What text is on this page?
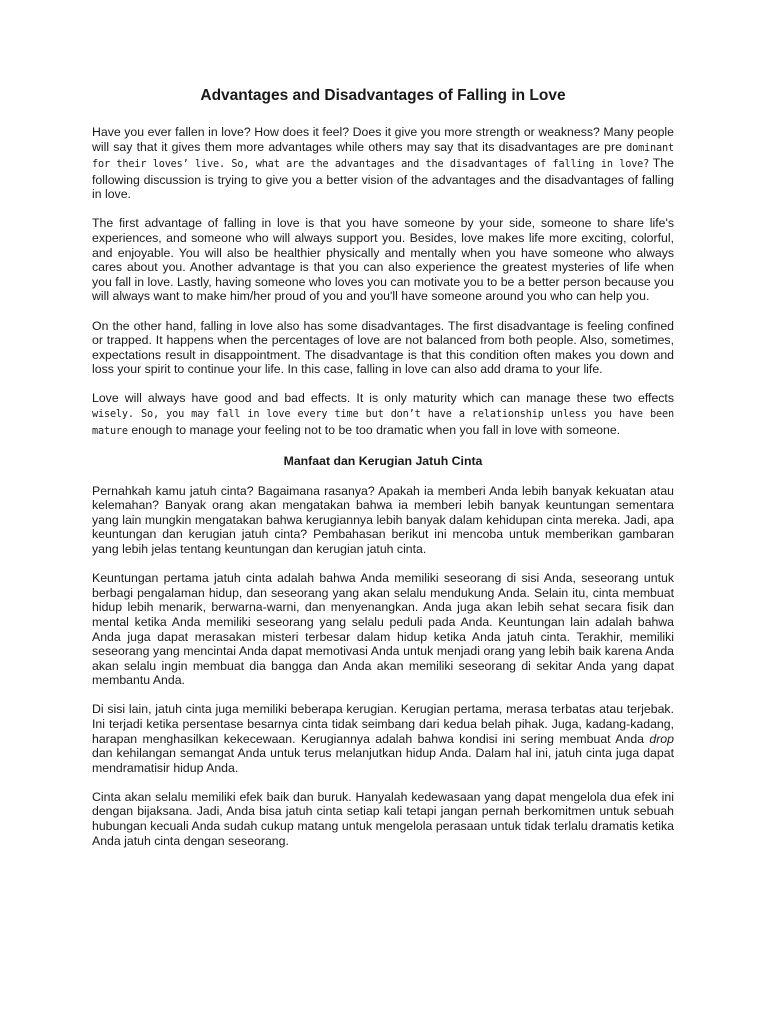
Advantages and Disadvantages of Falling in Love

Have you ever fallen in love? How does it feel? Does it give you more strength or weakness? Many people will say that it gives them more advantages while others may say that its disadvantages are pre dominant for their loves’ live. So, what are the advantages and the disadvantages of falling in love? The following discussion is trying to give you a better vision of the advantages and the disadvantages of falling in love.

The first advantage of falling in love is that you have someone by your side, someone to share life's experiences, and someone who will always support you. Besides, love makes life more exciting, colorful, and enjoyable. You will also be healthier physically and mentally when you have someone who always cares about you. Another advantage is that you can also experience the greatest mysteries of life when you fall in love. Lastly, having someone who loves you can motivate you to be a better person because you will always want to make him/her proud of you and you'll have someone around you who can help you.

On the other hand, falling in love also has some disadvantages. The first disadvantage is feeling confined or trapped. It happens when the percentages of love are not balanced from both people. Also, sometimes, expectations result in disappointment. The disadvantage is that this condition often makes you down and loss your spirit to continue your life. In this case, falling in love can also add drama to your life.

Love will always have good and bad effects. It is only maturity which can manage these two effects wisely. So, you may fall in love every time but don’t have a relationship unless you have been mature enough to manage your feeling not to be too dramatic when you fall in love with someone.

Manfaat dan Kerugian Jatuh Cinta

Pernahkah kamu jatuh cinta? Bagaimana rasanya? Apakah ia memberi Anda lebih banyak kekuatan atau kelemahan? Banyak orang akan mengatakan bahwa ia memberi lebih banyak keuntungan sementara yang lain mungkin mengatakan bahwa kerugiannya lebih banyak dalam kehidupan cinta mereka. Jadi, apa keuntungan dan kerugian jatuh cinta? Pembahasan berikut ini mencoba untuk memberikan gambaran yang lebih jelas tentang keuntungan dan kerugian jatuh cinta.

Keuntungan pertama jatuh cinta adalah bahwa Anda memiliki seseorang di sisi Anda, seseorang untuk berbagi pengalaman hidup, dan seseorang yang akan selalu mendukung Anda. Selain itu, cinta membuat hidup lebih menarik, berwarna-warni, dan menyenangkan. Anda juga akan lebih sehat secara fisik dan mental ketika Anda memiliki seseorang yang selalu peduli pada Anda. Keuntungan lain adalah bahwa Anda juga dapat merasakan misteri terbesar dalam hidup ketika Anda jatuh cinta. Terakhir, memiliki seseorang yang mencintai Anda dapat memotivasi Anda untuk menjadi orang yang lebih baik karena Anda akan selalu ingin membuat dia bangga dan Anda akan memiliki seseorang di sekitar Anda yang dapat membantu Anda.

Di sisi lain, jatuh cinta juga memiliki beberapa kerugian. Kerugian pertama, merasa terbatas atau terjebak. Ini terjadi ketika persentase besarnya cinta tidak seimbang dari kedua belah pihak. Juga, kadang-kadang, harapan menghasilkan kekecewaan. Kerugiannya adalah bahwa kondisi ini sering membuat Anda drop dan kehilangan semangat Anda untuk terus melanjutkan hidup Anda. Dalam hal ini, jatuh cinta juga dapat mendramatisir hidup Anda.

Cinta akan selalu memiliki efek baik dan buruk. Hanyalah kedewasaan yang dapat mengelola dua efek ini dengan bijaksana. Jadi, Anda bisa jatuh cinta setiap kali tetapi jangan pernah berkomitmen untuk sebuah hubungan kecuali Anda sudah cukup matang untuk mengelola perasaan untuk tidak terlalu dramatis ketika Anda jatuh cinta dengan seseorang.
